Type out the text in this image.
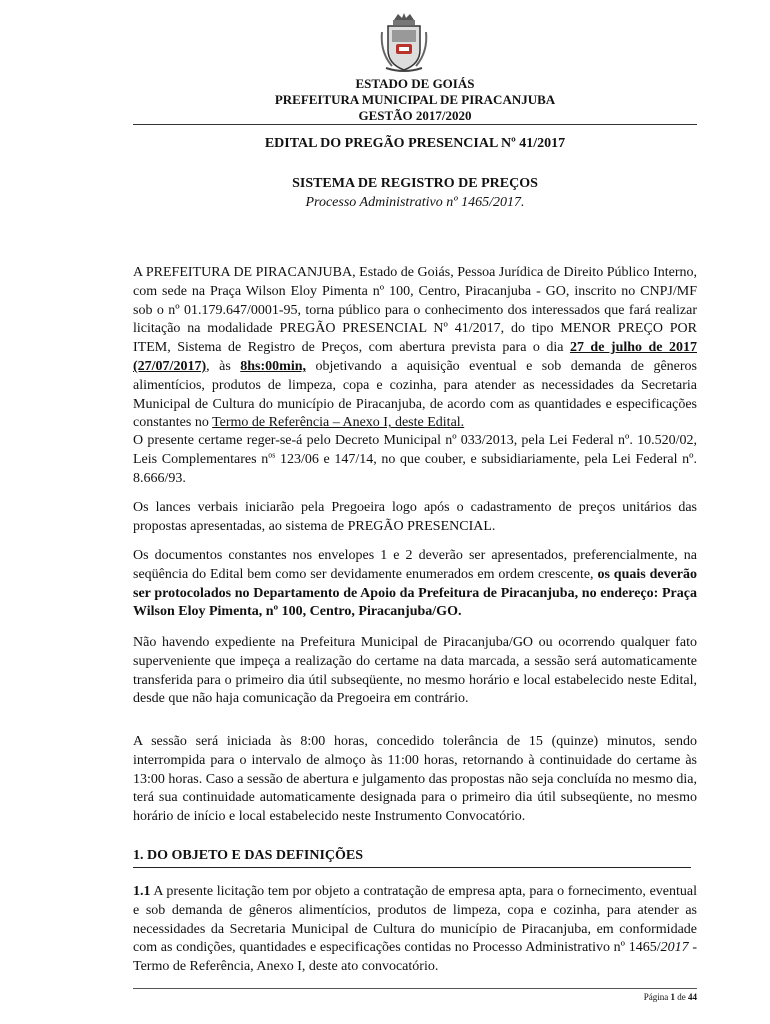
ESTADO DE GOIÁS
PREFEITURA MUNICIPAL DE PIRACANJUBA
GESTÃO 2017/2020
EDITAL DO PREGÃO PRESENCIAL Nº 41/2017
SISTEMA DE REGISTRO DE PREÇOS
Processo Administrativo nº 1465/2017.
A PREFEITURA DE PIRACANJUBA, Estado de Goiás, Pessoa Jurídica de Direito Público Interno, com sede na Praça Wilson Eloy Pimenta nº 100, Centro, Piracanjuba - GO, inscrito no CNPJ/MF sob o nº 01.179.647/0001-95, torna público para o conhecimento dos interessados que fará realizar licitação na modalidade PREGÃO PRESENCIAL Nº 41/2017, do tipo MENOR PREÇO POR ITEM, Sistema de Registro de Preços, com abertura prevista para o dia 27 de julho de 2017 (27/07/2017), às 8hs:00min, objetivando a aquisição eventual e sob demanda de gêneros alimentícios, produtos de limpeza, copa e cozinha, para atender as necessidades da Secretaria Municipal de Cultura do município de Piracanjuba, de acordo com as quantidades e especificações constantes no Termo de Referência – Anexo I, deste Edital.
O presente certame reger-se-á pelo Decreto Municipal nº 033/2013, pela Lei Federal nº. 10.520/02, Leis Complementares $n^{os}$ 123/06 e 147/14, no que couber, e subsidiariamente, pela Lei Federal nº. 8.666/93.
Os lances verbais iniciarão pela Pregoeira logo após o cadastramento de preços unitários das propostas apresentadas, ao sistema de PREGÃO PRESENCIAL.
Os documentos constantes nos envelopes 1 e 2 deverão ser apresentados, preferencialmente, na seqüência do Edital bem como ser devidamente enumerados em ordem crescente, os quais deverão ser protocolados no Departamento de Apoio da Prefeitura de Piracanjuba, no endereço: Praça Wilson Eloy Pimenta, nº 100, Centro, Piracanjuba/GO.
Não havendo expediente na Prefeitura Municipal de Piracanjuba/GO ou ocorrendo qualquer fato superveniente que impeça a realização do certame na data marcada, a sessão será automaticamente transferida para o primeiro dia útil subseqüente, no mesmo horário e local estabelecido neste Edital, desde que não haja comunicação da Pregoeira em contrário.
A sessão será iniciada às 8:00 horas, concedido tolerância de 15 (quinze) minutos, sendo interrompida para o intervalo de almoço às 11:00 horas, retornando à continuidade do certame às 13:00 horas. Caso a sessão de abertura e julgamento das propostas não seja concluída no mesmo dia, terá sua continuidade automaticamente designada para o primeiro dia útil subseqüente, no mesmo horário de início e local estabelecido neste Instrumento Convocatório.
1. DO OBJETO E DAS DEFINIÇÕES
1.1 A presente licitação tem por objeto a contratação de empresa apta, para o fornecimento, eventual e sob demanda de gêneros alimentícios, produtos de limpeza, copa e cozinha, para atender as necessidades da Secretaria Municipal de Cultura do município de Piracanjuba, em conformidade com as condições, quantidades e especificações contidas no Processo Administrativo nº 1465/2017 - Termo de Referência, Anexo I, deste ato convocatório.
Página 1 de 44
